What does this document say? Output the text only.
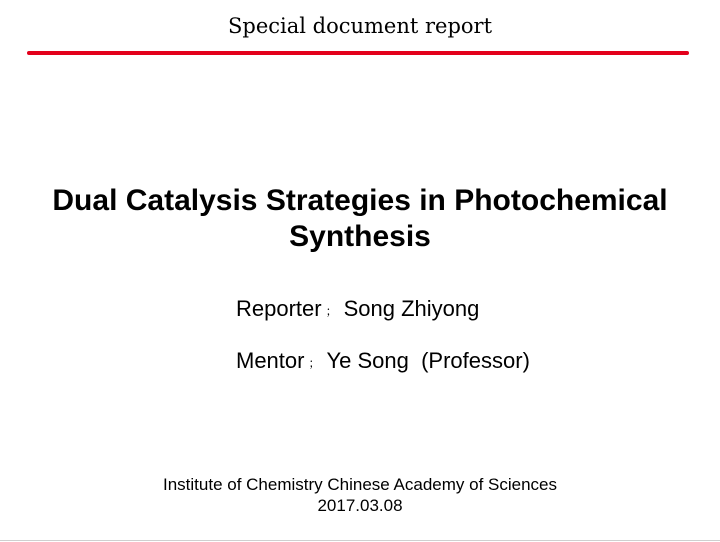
Special document report
Dual Catalysis Strategies in Photochemical
Synthesis
Reporter ； Song Zhiyong
Mentor ； Ye Song  (Professor)
Institute of Chemistry Chinese Academy of Sciences
2017.03.08
